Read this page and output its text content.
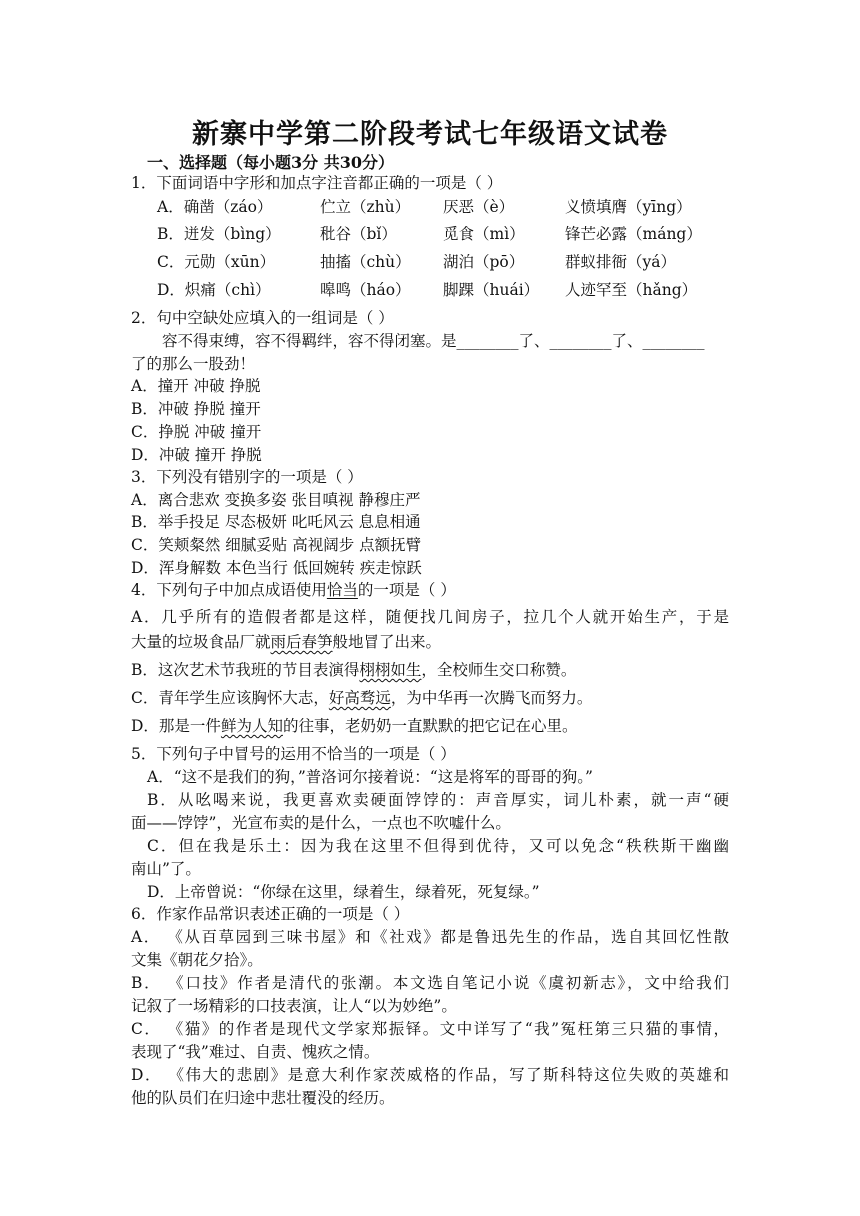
新寨中学第二阶段考试七年级语文试卷
一、选择题（每小题3分 共30分）
1．下面词语中字形和加点字注音都正确的一项是（ ）
A．确凿（záo）	伫立（zhù） 厌恶（è）	义愤填膺（yīng）
B．迸发（bìng）	秕谷（bǐ）	觅食（mì）	锋芒必露（máng）
C．元勋（xūn）	抽搐（chù） 湖泊（pō）	群蚁排衙（yá）
D．炽痛（chì）	嗥鸣（háo） 脚踝（huái） 人迹罕至（hǎng）
2．句中空缺处应填入的一组词是（ ）
容不得束缚，容不得羁绊，容不得闭塞。是________了、________了、________
了的那么一股劲！
A．撞开 冲破 挣脱
B．冲破 挣脱 撞开
C．挣脱 冲破 撞开
D．冲破 撞开 挣脱
3．下列没有错别字的一项是（ ）
A．离合悲欢 变换多姿 张目嗔视 静穆庄严
B．举手投足 尽态极妍 叱吒风云 息息相通
C．笑颊粲然 细腻妥贴 高视阔步 点额抚臂
D．浑身解数 本色当行 低回婉转 疾走惊跃
4．下列句子中加点成语使用恰当的一项是（ ）
A．几乎所有的造假者都是这样，随便找几间房子，拉几个人就开始生产，于是
大量的垃圾食品厂就雨后春笋般地冒了出来。
B．这次艺术节我班的节目表演得栩栩如生，全校师生交口称赞。
C．青年学生应该胸怀大志，好高骛远，为中华再一次腾飞而努力。
D．那是一件鲜为人知的往事，老奶奶一直默默的把它记在心里。
5．下列句子中冒号的运用不恰当的一项是（ ）
A．“这不是我们的狗，”普洛诃尔接着说：“这是将军的哥哥的狗。”
B．从吆喝来说，我更喜欢卖硬面饽饽的：声音厚实，词儿朴素，就一声“硬
面——饽饽”，光宣布卖的是什么，一点也不吹嘘什么。
C．但在我是乐土：因为我在这里不但得到优待，又可以免念“秩秩斯干幽幽
南山”了。
D．上帝曾说：“你绿在这里，绿着生，绿着死，死复绿。”
6．作家作品常识表述正确的一项是（ ）
A． 《从百草园到三味书屋》和《社戏》都是鲁迅先生的作品，选自其回忆性散
文集《朝花夕拾》。
B． 《口技》作者是清代的张潮。本文选自笔记小说《虞初新志》，文中给我们
记叙了一场精彩的口技表演，让人“以为妙绝”。
C． 《猫》的作者是现代文学家郑振铎。文中详写了“我”冤枉第三只猫的事情，
表现了“我”难过、自责、愧疚之情。
D． 《伟大的悲剧》是意大利作家茨威格的作品，写了斯科特这位失败的英雄和
他的队员们在归途中悲壮覆没的经历。
